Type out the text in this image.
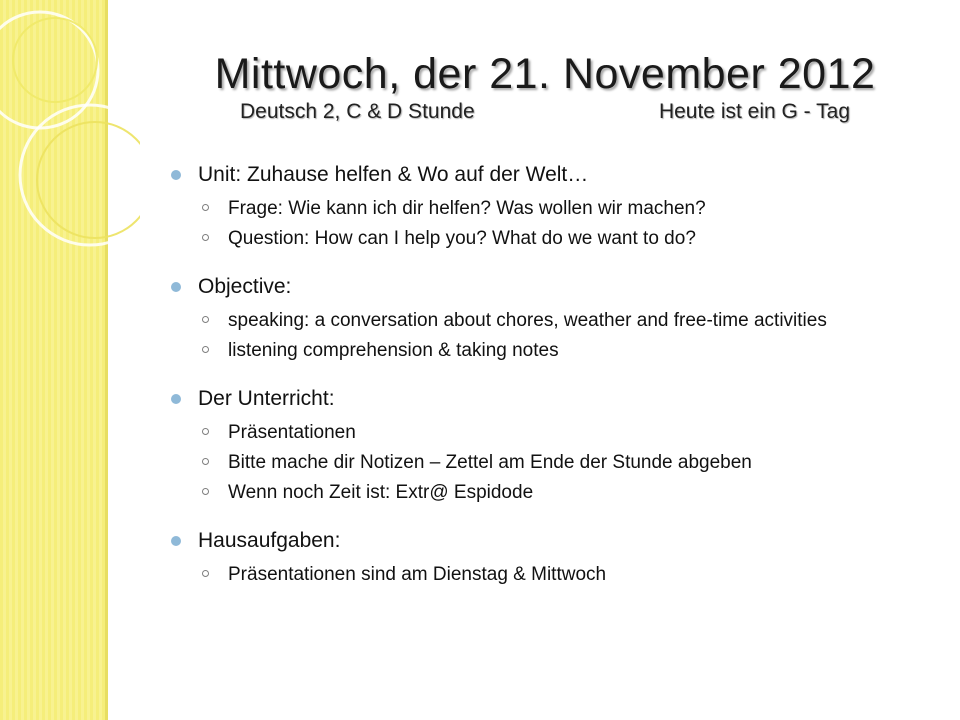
Mittwoch, der 21. November 2012
Deutsch 2, C & D Stunde	Heute ist ein G - Tag
Unit: Zuhause helfen & Wo auf der Welt…
Frage: Wie kann ich dir helfen? Was wollen wir machen?
Question: How can I help you? What do we want to do?
Objective:
speaking: a conversation about chores, weather and free-time activities
listening comprehension & taking notes
Der Unterricht:
Präsentationen
Bitte mache dir Notizen – Zettel am Ende der Stunde abgeben
Wenn noch Zeit ist: Extr@ Espidode
Hausaufgaben:
Präsentationen sind am Dienstag & Mittwoch
